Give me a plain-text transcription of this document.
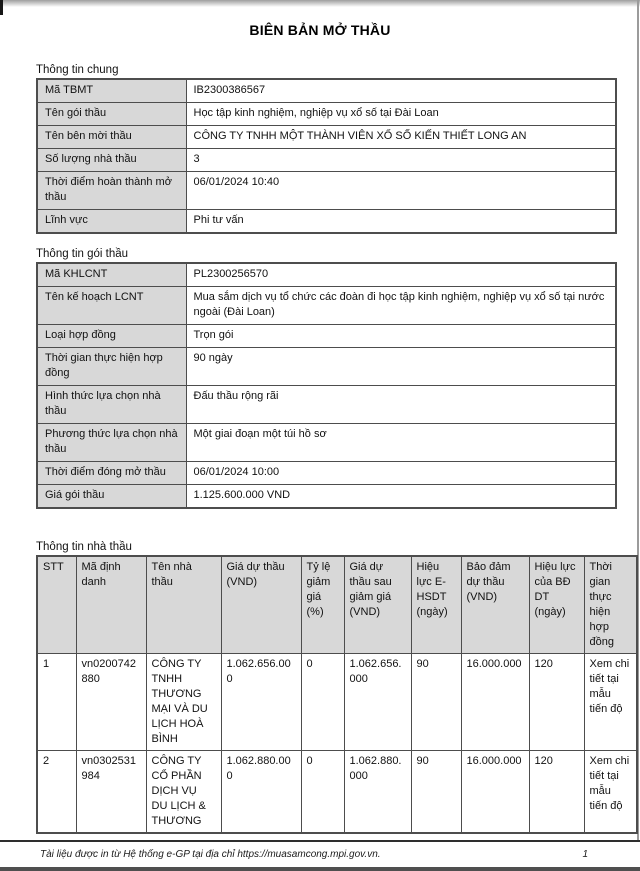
BIÊN BẢN MỞ THẦU
Thông tin chung
Mã TBMT	IB2300386567
Tên gói thầu	Học tập kinh nghiệm, nghiệp vụ xổ số tại Đài Loan
Tên bên mời thầu	CÔNG TY TNHH MỘT THÀNH VIÊN XỔ SỐ KIẾN THIẾT LONG AN
Số lượng nhà thầu	3
Thời điểm hoàn thành mở thầu	06/01/2024 10:40
Lĩnh vực	Phi tư vấn
Thông tin gói thầu
Mã KHLCNT	PL2300256570
Tên kế hoạch LCNT	Mua sắm dịch vụ tổ chức các đoàn đi học tập kinh nghiệm, nghiệp vụ xổ số tại nước ngoài (Đài Loan)
Loại hợp đồng	Trọn gói
Thời gian thực hiện hợp đồng	90 ngày
Hình thức lựa chọn nhà thầu	Đấu thầu rộng rãi
Phương thức lựa chọn nhà thầu	Một giai đoạn một túi hồ sơ
Thời điểm đóng mở thầu	06/01/2024 10:00
Giá gói thầu	1.125.600.000 VND
Thông tin nhà thầu
STT	Mã định danh	Tên nhà thầu	Giá dự thầu (VND)	Tỷ lệ giảm giá (%)	Giá dự thầu sau giảm giá (VND)	Hiệu lực E-HSDT (ngày)	Bảo đảm dự thầu (VND)	Hiệu lực của BĐ DT (ngày)	Thời gian thực hiện hợp đồng
1	vn0200742880	CÔNG TY TNHH THƯƠNG MẠI VÀ DU LỊCH HOÀ BÌNH	1.062.656.000	0	1.062.656.000	90	16.000.000	120	Xem chi tiết tại mẫu tiến độ
2	vn0302531984	CÔNG TY CỔ PHẦN DỊCH VỤ DU LỊCH & THƯƠNG	1.062.880.000	0	1.062.880.000	90	16.000.000	120	Xem chi tiết tại mẫu tiến độ
Tài liệu được in từ Hệ thống e-GP tại địa chỉ https://muasamcong.mpi.gov.vn.	1
